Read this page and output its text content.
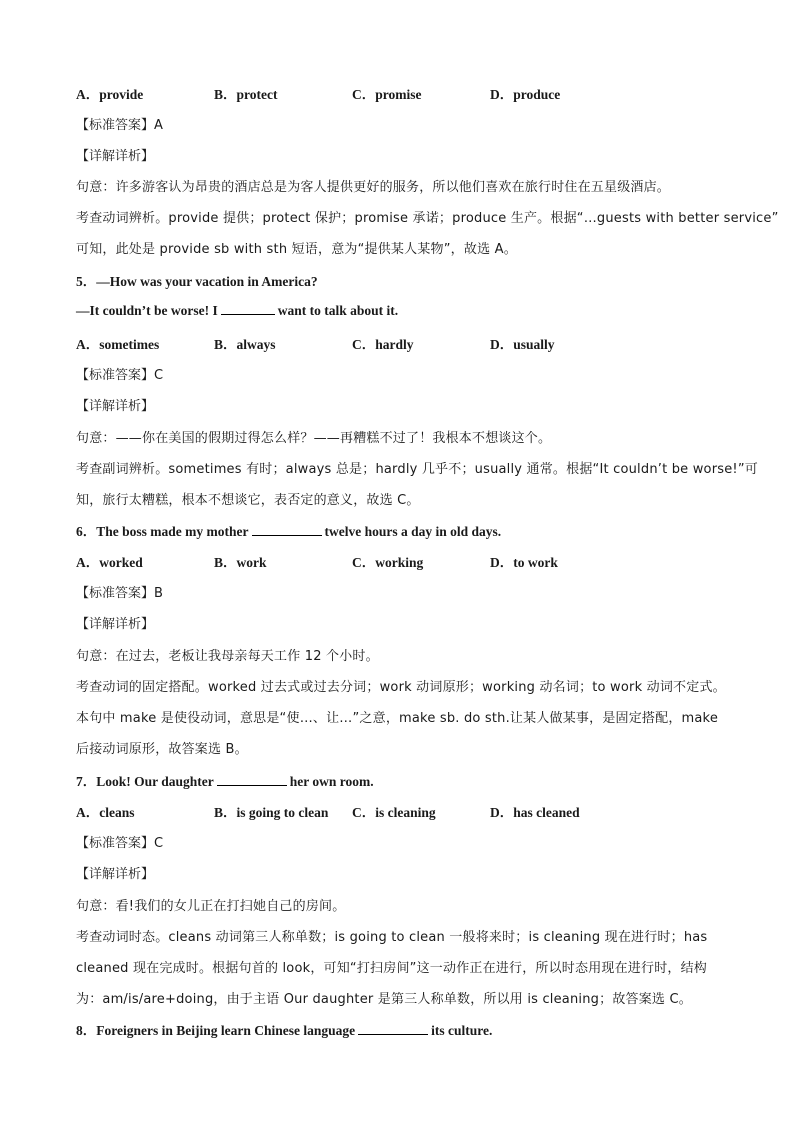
A．provide	B．protect	C．promise	D．produce
【标准答案】A
【详解详析】
句意：许多游客认为昂贵的酒店总是为客人提供更好的服务，所以他们喜欢在旅行时住在五星级酒店。
考查动词辨析。provide 提供；protect 保护；promise 承诺；produce 生产。根据“…guests with better service”
可知，此处是 provide sb with sth 短语，意为“提供某人某物”，故选 A。
5．—How was your vacation in America?
—It couldn’t be worse! I	want to talk about it.
A．sometimes	B．always	C．hardly	D．usually
【标准答案】C
【详解详析】
句意：——你在美国的假期过得怎么样？——再糟糕不过了！我根本不想谈这个。
考查副词辨析。sometimes 有时；always 总是；hardly 几乎不；usually 通常。根据“It couldn’t be worse!”可
知，旅行太糟糕，根本不想谈它，表否定的意义，故选 C。
6．The boss made my mother	twelve hours a day in old days.
A．worked	B．work	C．working	D．to work
【标准答案】B
【详解详析】
句意：在过去，老板让我母亲每天工作 12 个小时。
考查动词的固定搭配。worked 过去式或过去分词；work 动词原形；working 动名词；to work 动词不定式。
本句中 make 是使役动词，意思是“使…、让…”之意，make sb. do sth.让某人做某事，是固定搭配，make
后接动词原形，故答案选 B。
7．Look! Our daughter	her own room.
A．cleans	B．is going to clean C．is cleaning	D．has cleaned
【标准答案】C
【详解详析】
句意：看!我们的女儿正在打扫她自己的房间。
考查动词时态。cleans 动词第三人称单数；is going to clean 一般将来时；is cleaning 现在进行时；has
cleaned 现在完成时。根据句首的 look，可知“打扫房间”这一动作正在进行，所以时态用现在进行时，结构
为：am/is/are+doing，由于主语 Our daughter 是第三人称单数，所以用 is cleaning；故答案选 C。
8．Foreigners in Beijing learn Chinese language	its culture.
